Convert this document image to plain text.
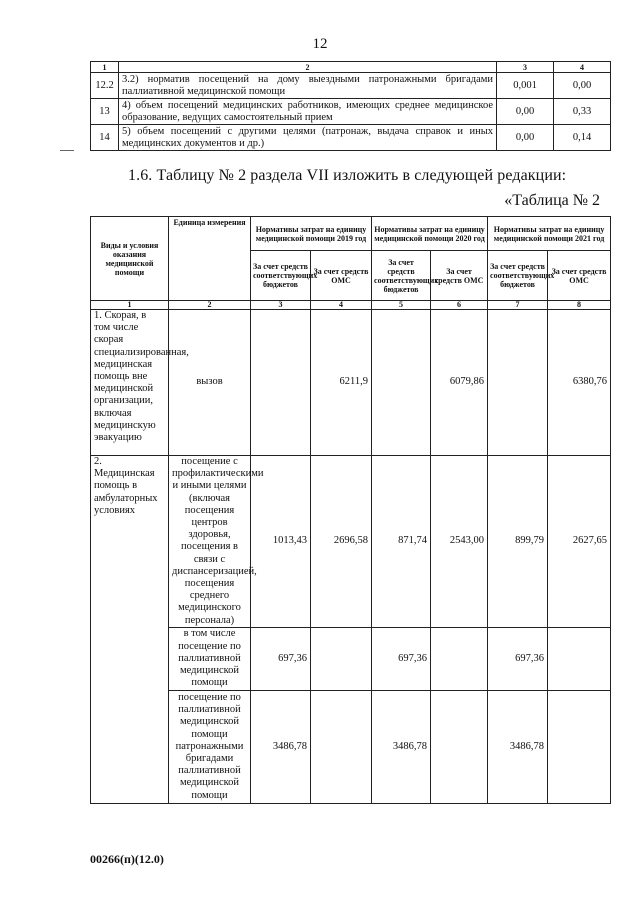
12
1	2	3	4
12.2	3.2) норматив посещений на дому выездными патронажными бригадами паллиативной медицинской помощи	0,001	0,00
13	4) объем посещений медицинских работников, имеющих среднее медицинское образование, ведущих самостоятельный прием	0,00	0,33
14	5) объем посещений с другими целями (патронаж, выдача справок и иных медицинских документов и др.)	0,00	0,14
1.6. Таблицу № 2 раздела VII изложить в следующей редакции:
«Таблица № 2
Виды и условия оказания медицинской помощи	Единица измерения	Нормативы затрат на единицу медицинской помощи 2019 год		Нормативы затрат на единицу медицинской помощи 2020 год		Нормативы затрат на единицу медицинской помощи 2021 год	
		За счет средств соответствующих бюджетов	За счет средств ОМС	За счет средств соответствующих бюджетов	За счет средств ОМС	За счет средств соответствующих бюджетов	За счет средств ОМС
1	2	3	4	5	6	7	8
1. Скорая, в том числе скорая специализированная, медицинская помощь вне медицинской организации, включая медицинскую эвакуацию	вызов		6211,9		6079,86		6380,76
2. Медицинская помощь в амбулаторных условиях	посещение с профилактическими и иными целями (включая посещения центров здоровья, посещения в связи с диспансеризацией, посещения среднего медицинского персонала)	1013,43	2696,58	871,74	2543,00	899,79	2627,65
	в том числе посещение по паллиативной медицинской помощи	697,36		697,36		697,36	
	посещение по паллиативной медицинской помощи патронажными бригадами паллиативной медицинской помощи	3486,78		3486,78		3486,78	
00266(п)(12.0)
